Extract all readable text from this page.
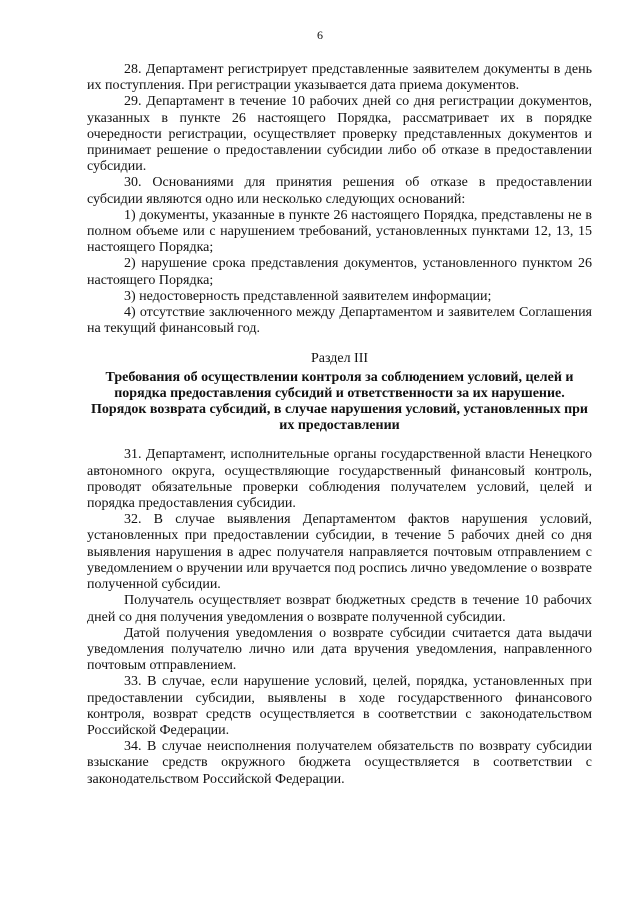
6

28. Департамент регистрирует представленные заявителем документы в день их поступления. При регистрации указывается дата приема документов.

29. Департамент в течение 10 рабочих дней со дня регистрации документов, указанных в пункте 26 настоящего Порядка, рассматривает их в порядке очередности регистрации, осуществляет проверку представленных документов и принимает решение о предоставлении субсидии либо об отказе в предоставлении субсидии.

30. Основаниями для принятия решения об отказе в предоставлении субсидии являются одно или несколько следующих оснований:

1) документы, указанные в пункте 26 настоящего Порядка, представлены не в полном объеме или с нарушением требований, установленных пунктами 12, 13, 15 настоящего Порядка;

2) нарушение срока представления документов, установленного пунктом 26 настоящего Порядка;

3) недостоверность представленной заявителем информации;

4) отсутствие заключенного между Департаментом и заявителем Соглашения на текущий финансовый год.

Раздел III
Требования об осуществлении контроля за соблюдением условий, целей и порядка предоставления субсидий и ответственности за их нарушение. Порядок возврата субсидий, в случае нарушения условий, установленных при их предоставлении

31. Департамент, исполнительные органы государственной власти Ненецкого автономного округа, осуществляющие государственный финансовый контроль, проводят обязательные проверки соблюдения получателем условий, целей и порядка предоставления субсидии.

32. В случае выявления Департаментом фактов нарушения условий, установленных при предоставлении субсидии, в течение 5 рабочих дней со дня выявления нарушения в адрес получателя направляется почтовым отправлением с уведомлением о вручении или вручается под роспись лично уведомление о возврате полученной субсидии.

Получатель осуществляет возврат бюджетных средств в течение 10 рабочих дней со дня получения уведомления о возврате полученной субсидии.

Датой получения уведомления о возврате субсидии считается дата выдачи уведомления получателю лично или дата вручения уведомления, направленного почтовым отправлением.

33. В случае, если нарушение условий, целей, порядка, установленных при предоставлении субсидии, выявлены в ходе государственного финансового контроля, возврат средств осуществляется в соответствии с законодательством Российской Федерации.

34. В случае неисполнения получателем обязательств по возврату субсидии взыскание средств окружного бюджета осуществляется в соответствии с законодательством Российской Федерации.
